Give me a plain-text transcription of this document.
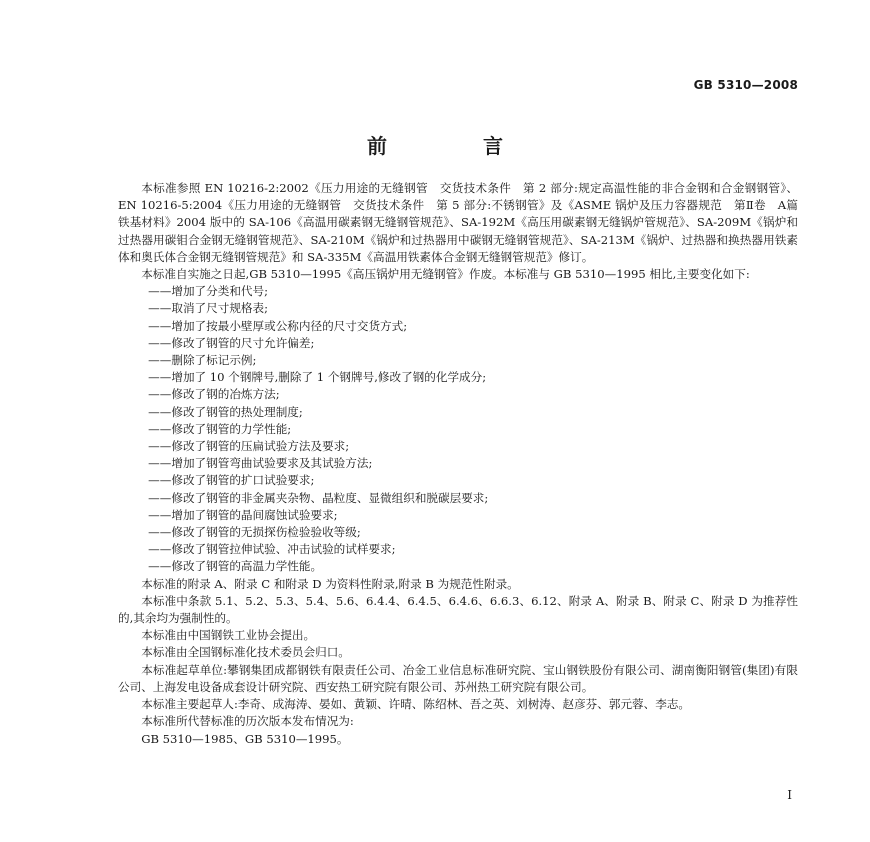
GB 5310—2008
前　言

本标准参照 EN 10216-2:2002《压力用途的无缝钢管　交货技术条件　第 2 部分:规定高温性能的非合金钢和合金钢钢管》、EN 10216-5:2004《压力用途的无缝钢管　交货技术条件　第 5 部分:不锈钢管》及《ASME 锅炉及压力容器规范　第Ⅱ卷　A篇　铁基材料》2004 版中的 SA-106《高温用碳素钢无缝钢管规范》、SA-192M《高压用碳素钢无缝锅炉管规范》、SA-209M《锅炉和过热器用碳钼合金钢无缝钢管规范》、SA-210M《锅炉和过热器用中碳钢无缝钢管规范》、SA-213M《锅炉、过热器和换热器用铁素体和奥氏体合金钢无缝钢管规范》和 SA-335M《高温用铁素体合金钢无缝钢管规范》修订。

本标准自实施之日起,GB 5310—1995《高压锅炉用无缝钢管》作废。本标准与 GB 5310—1995 相比,主要变化如下:

——增加了分类和代号;

——取消了尺寸规格表;

——增加了按最小壁厚或公称内径的尺寸交货方式;

——修改了钢管的尺寸允许偏差;

——删除了标记示例;

——增加了 10 个钢牌号,删除了 1 个钢牌号,修改了钢的化学成分;

——修改了钢的冶炼方法;

——修改了钢管的热处理制度;

——修改了钢管的力学性能;

——修改了钢管的压扁试验方法及要求;

——增加了钢管弯曲试验要求及其试验方法;

——修改了钢管的扩口试验要求;

——修改了钢管的非金属夹杂物、晶粒度、显微组织和脱碳层要求;

——增加了钢管的晶间腐蚀试验要求;

——修改了钢管的无损探伤检验验收等级;

——修改了钢管拉伸试验、冲击试验的试样要求;

——修改了钢管的高温力学性能。

本标准的附录 A、附录 C 和附录 D 为资料性附录,附录 B 为规范性附录。

本标准中条款 5.1、5.2、5.3、5.4、5.6、6.4.4、6.4.5、6.4.6、6.6.3、6.12、附录 A、附录 B、附录 C、附录 D 为推荐性的,其余均为强制性的。

本标准由中国钢铁工业协会提出。

本标准由全国钢标准化技术委员会归口。

本标准起草单位:攀钢集团成都钢铁有限责任公司、冶金工业信息标准研究院、宝山钢铁股份有限公司、湖南衡阳钢管(集团)有限公司、上海发电设备成套设计研究院、西安热工研究院有限公司、苏州热工研究院有限公司。

本标准主要起草人:李奇、成海涛、晏如、黄颖、许晴、陈绍林、吾之英、刘树涛、赵彦芬、郭元蓉、李志。

本标准所代替标准的历次版本发布情况为:

GB 5310—1985、GB 5310—1995。

I
